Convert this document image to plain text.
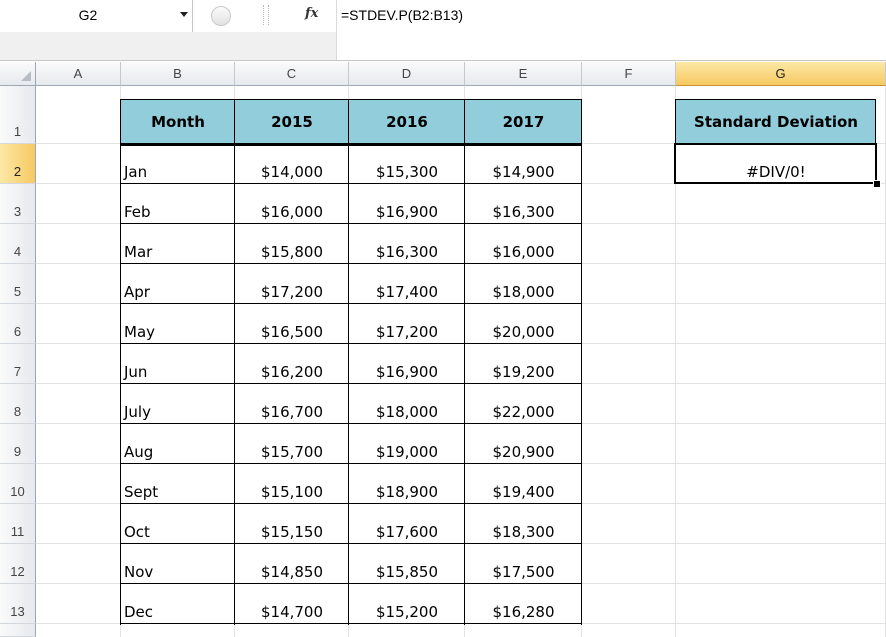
G2	fx =STDEV.P(B2:B13)
A	B	C	D	E	F	G
1
2
3
4
5
6
7
8
9
10
11
12
13
Month	2015	2016	2017
Jan	$14,000	$15,300	$14,900
Feb	$16,000	$16,900	$16,300
Mar	$15,800	$16,300	$16,000
Apr	$17,200	$17,400	$18,000
May	$16,500	$17,200	$20,000
Jun	$16,200	$16,900	$19,200
July	$16,700	$18,000	$22,000
Aug	$15,700	$19,000	$20,900
Sept	$15,100	$18,900	$19,400
Oct	$15,150	$17,600	$18,300
Nov	$14,850	$15,850	$17,500
Dec	$14,700	$15,200	$16,280
Standard Deviation
#DIV/0!
